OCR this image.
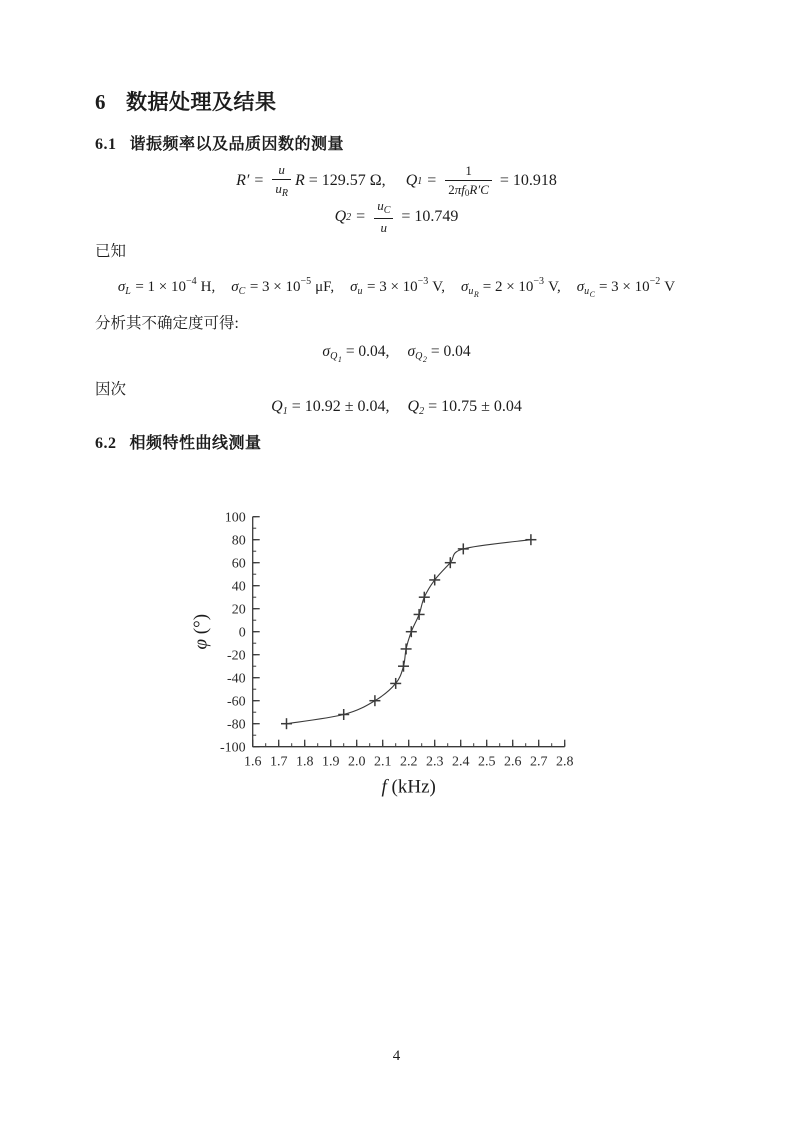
6 数据处理及结果
6.1 谐振频率以及品质因数的测量
$R' = \frac{u}{u_R}$ R = 129.57 Ω, Q $1 = \frac{1}{2\pi f0R'C} = 10.918$
Q $2 = \frac{u_C}{u} = 10.749$
已知
$\sigma_L = 1 \times 10^{-4}$ H, $\sigma_C = 3 \times 10^{-5}$ μF, $\sigma_u = 3 \times 10^{-3}$ V, $\sigma_{uR} = 2 \times 10^{-3}$ V, $\sigma_{uC} = 3 \times 10^{-2}$ V
分析其不确定度可得:
$\sigma Q_1 = 0.04$, $\sigma Q_2 = 0.04$
因次
Q1 = 10.92 ± 0.04, Q2 = 10.75 ± 0.04
6.2 相频特性曲线测量
1.6 1.7 1.8 1.9 2.0 2.1 2.2 2.3 2.4 2.5 2.6 2.7 2.8
-100
-80
-60
-40
-20
0
20
40
60
80
100
f (kHz)
φ (°)
4
